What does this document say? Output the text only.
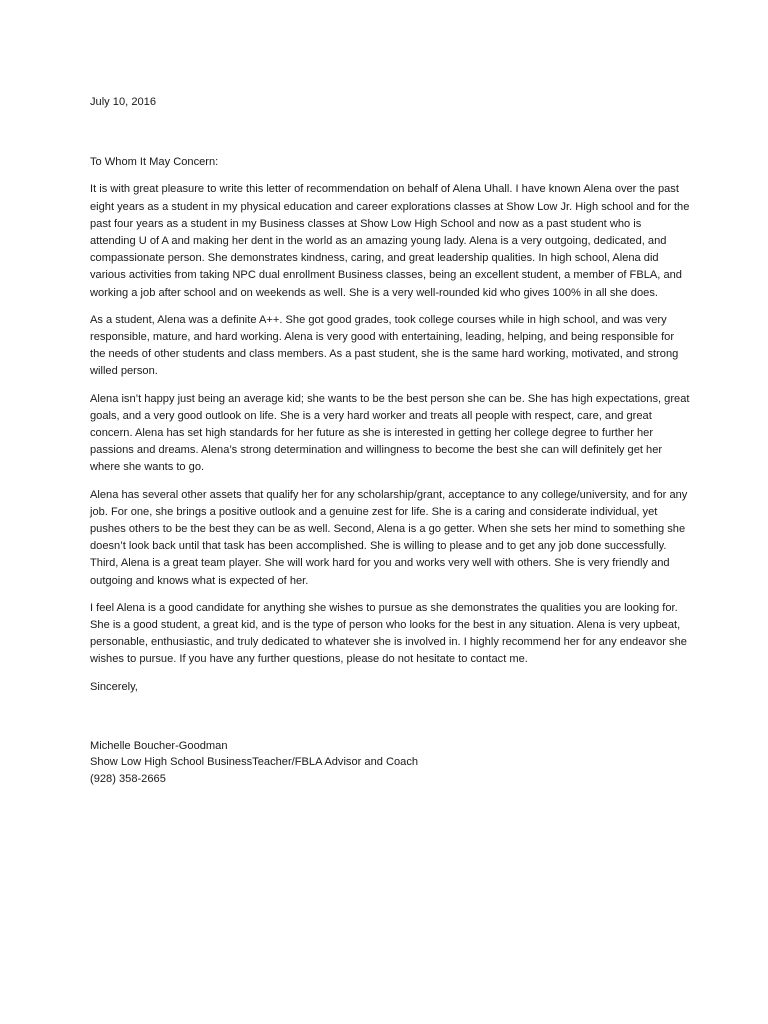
July 10, 2016

To Whom It May Concern:

It is with great pleasure to write this letter of recommendation on behalf of Alena Uhall. I have known Alena over the past eight years as a student in my physical education and career explorations classes at Show Low Jr. High school and for the past four years as a student in my Business classes at Show Low High School and now as a past student who is attending U of A and making her dent in the world as an amazing young lady. Alena is a very outgoing, dedicated, and compassionate person. She demonstrates kindness, caring, and great leadership qualities. In high school, Alena did various activities from taking NPC dual enrollment Business classes, being an excellent student, a member of FBLA, and working a job after school and on weekends as well. She is a very well-rounded kid who gives 100% in all she does.

As a student, Alena was a definite A++. She got good grades, took college courses while in high school, and was very responsible, mature, and hard working. Alena is very good with entertaining, leading, helping, and being responsible for the needs of other students and class members. As a past student, she is the same hard working, motivated, and strong willed person.

Alena isn’t happy just being an average kid; she wants to be the best person she can be. She has high expectations, great goals, and a very good outlook on life. She is a very hard worker and treats all people with respect, care, and great concern. Alena has set high standards for her future as she is interested in getting her college degree to further her passions and dreams. Alena’s strong determination and willingness to become the best she can will definitely get her where she wants to go.

Alena has several other assets that qualify her for any scholarship/grant, acceptance to any college/university, and for any job. For one, she brings a positive outlook and a genuine zest for life. She is a caring and considerate individual, yet pushes others to be the best they can be as well. Second, Alena is a go getter. When she sets her mind to something she doesn’t look back until that task has been accomplished. She is willing to please and to get any job done successfully. Third, Alena is a great team player. She will work hard for you and works very well with others. She is very friendly and outgoing and knows what is expected of her.

I feel Alena is a good candidate for anything she wishes to pursue as she demonstrates the qualities you are looking for. She is a good student, a great kid, and is the type of person who looks for the best in any situation. Alena is very upbeat, personable, enthusiastic, and truly dedicated to whatever she is involved in. I highly recommend her for any endeavor she wishes to pursue. If you have any further questions, please do not hesitate to contact me.

Sincerely,

Michelle Boucher-Goodman
Show Low High School BusinessTeacher/FBLA Advisor and Coach
(928) 358-2665
